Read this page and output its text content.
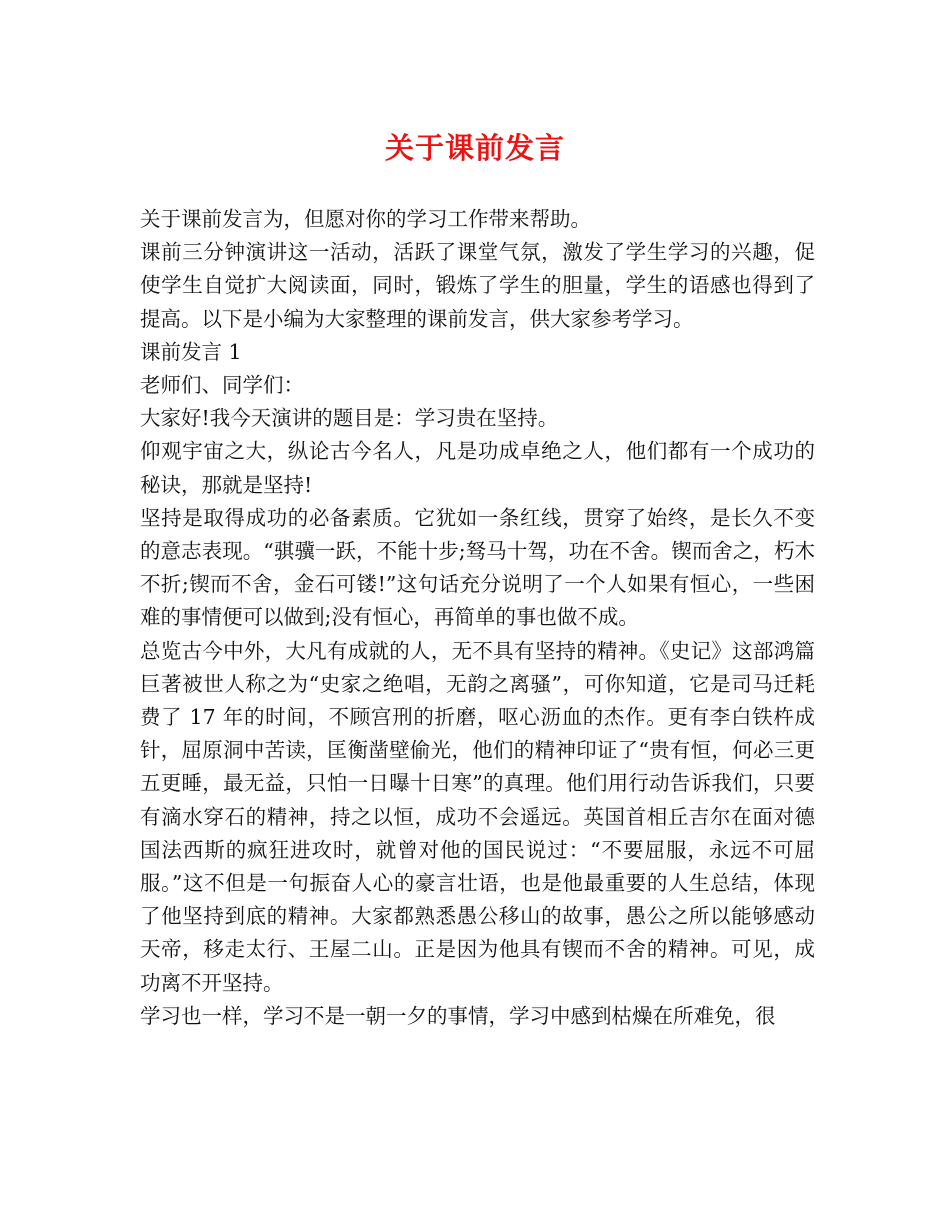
关于课前发言

关于课前发言为，但愿对你的学习工作带来帮助。

课前三分钟演讲这一活动，活跃了课堂气氛，激发了学生学习的兴趣，促使学生自觉扩大阅读面，同时，锻炼了学生的胆量，学生的语感也得到了提高。以下是小编为大家整理的课前发言，供大家参考学习。

课前发言 1

老师们、同学们：

大家好!我今天演讲的题目是：学习贵在坚持。

仰观宇宙之大，纵论古今名人，凡是功成卓绝之人，他们都有一个成功的秘诀，那就是坚持!

坚持是取得成功的必备素质。它犹如一条红线，贯穿了始终，是长久不变的意志表现。“骐骥一跃，不能十步;驽马十驾，功在不舍。锲而舍之，朽木不折;锲而不舍，金石可镂!”这句话充分说明了一个人如果有恒心，一些困难的事情便可以做到;没有恒心，再简单的事也做不成。

总览古今中外，大凡有成就的人，无不具有坚持的精神。《史记》这部鸿篇巨著被世人称之为“史家之绝唱，无韵之离骚”，可你知道，它是司马迁耗费了 17 年的时间，不顾宫刑的折磨，呕心沥血的杰作。更有李白铁杵成针，屈原洞中苦读，匡衡凿壁偷光，他们的精神印证了“贵有恒，何必三更五更睡，最无益，只怕一日曝十日寒”的真理。他们用行动告诉我们，只要有滴水穿石的精神，持之以恒，成功不会遥远。英国首相丘吉尔在面对德国法西斯的疯狂进攻时，就曾对他的国民说过：“不要屈服，永远不可屈服。”这不但是一句振奋人心的豪言壮语，也是他最重要的人生总结，体现了他坚持到底的精神。大家都熟悉愚公移山的故事，愚公之所以能够感动天帝，移走太行、王屋二山。正是因为他具有锲而不舍的精神。可见，成功离不开坚持。

学习也一样，学习不是一朝一夕的事情，学习中感到枯燥在所难免，很
